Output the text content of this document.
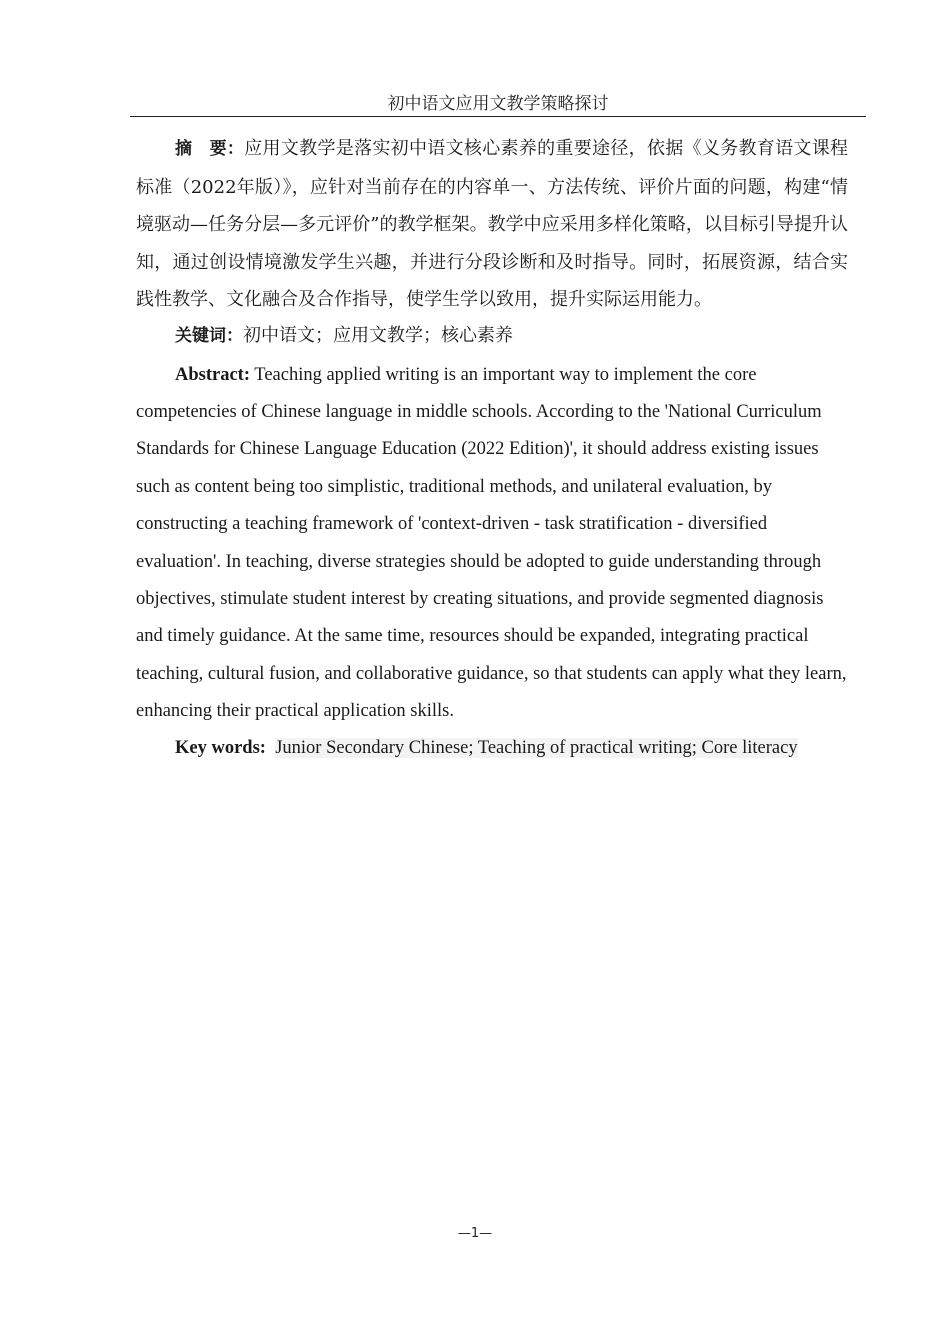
初中语文应用文教学策略探讨

摘　要：应用文教学是落实初中语文核心素养的重要途径，依据《义务教育语文课程标准（2022年版）》，应针对当前存在的内容单一、方法传统、评价片面的问题，构建“情境驱动—任务分层—多元评价”的教学框架。教学中应采用多样化策略，以目标引导提升认知，通过创设情境激发学生兴趣，并进行分段诊断和及时指导。同时，拓展资源，结合实践性教学、文化融合及合作指导，使学生学以致用，提升实际运用能力。

关键词：初中语文；应用文教学；核心素养

Abstract: Teaching applied writing is an important way to implement the core competencies of Chinese language in middle schools. According to the 'National Curriculum Standards for Chinese Language Education (2022 Edition)', it should address existing issues such as content being too simplistic, traditional methods, and unilateral evaluation, by constructing a teaching framework of 'context-driven - task stratification - diversified evaluation'. In teaching, diverse strategies should be adopted to guide understanding through objectives, stimulate student interest by creating situations, and provide segmented diagnosis and timely guidance. At the same time, resources should be expanded, integrating practical teaching, cultural fusion, and collaborative guidance, so that students can apply what they learn, enhancing their practical application skills.

Key words: Junior Secondary Chinese; Teaching of practical writing; Core literacy

—1—
